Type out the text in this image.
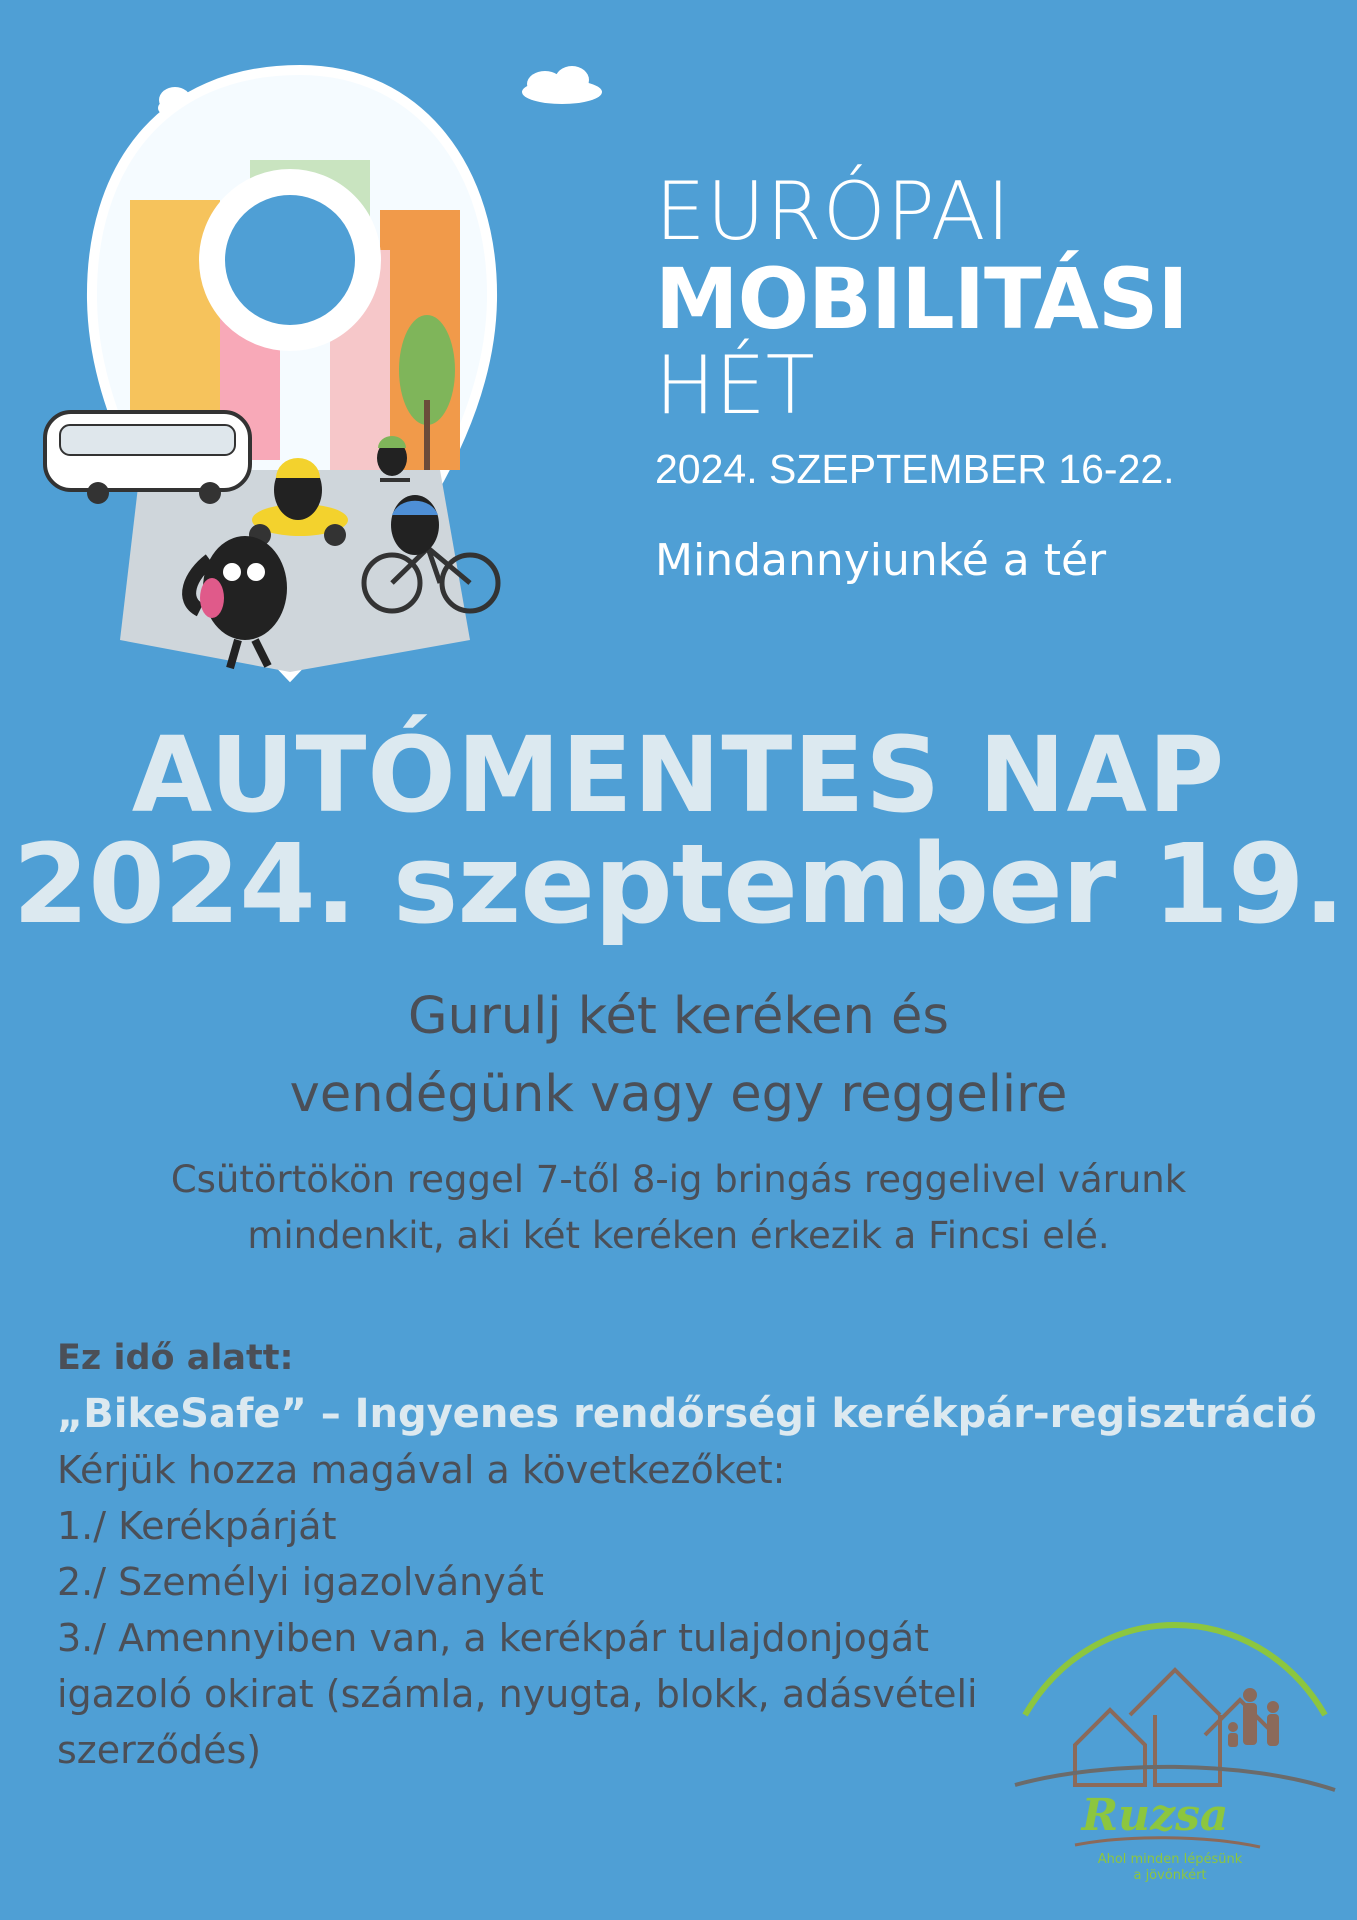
EURÓPAI
MOBILITÁSI
HÉT
2024. SZEPTEMBER 16-22.
Mindannyiunké a tér
AUTÓMENTES NAP
2024. szeptember 19.
Gurulj két keréken és
vendégünk vagy egy reggelire
Csütörtökön reggel 7-től 8-ig bringás reggelivel várunk
mindenkit, aki két keréken érkezik a Fincsi elé.
Ez idő alatt:
„BikeSafe” – Ingyenes rendőrségi kerékpár-regisztráció
Kérjük hozza magával a következőket:
1./ Kerékpárját
2./ Személyi igazolványát
3./ Amennyiben van, a kerékpár tulajdonjogát
igazoló okirat (számla, nyugta, blokk, adásvételi
szerződés)
Ruzsa
Ahol minden lépésünk
a jövőnkért
